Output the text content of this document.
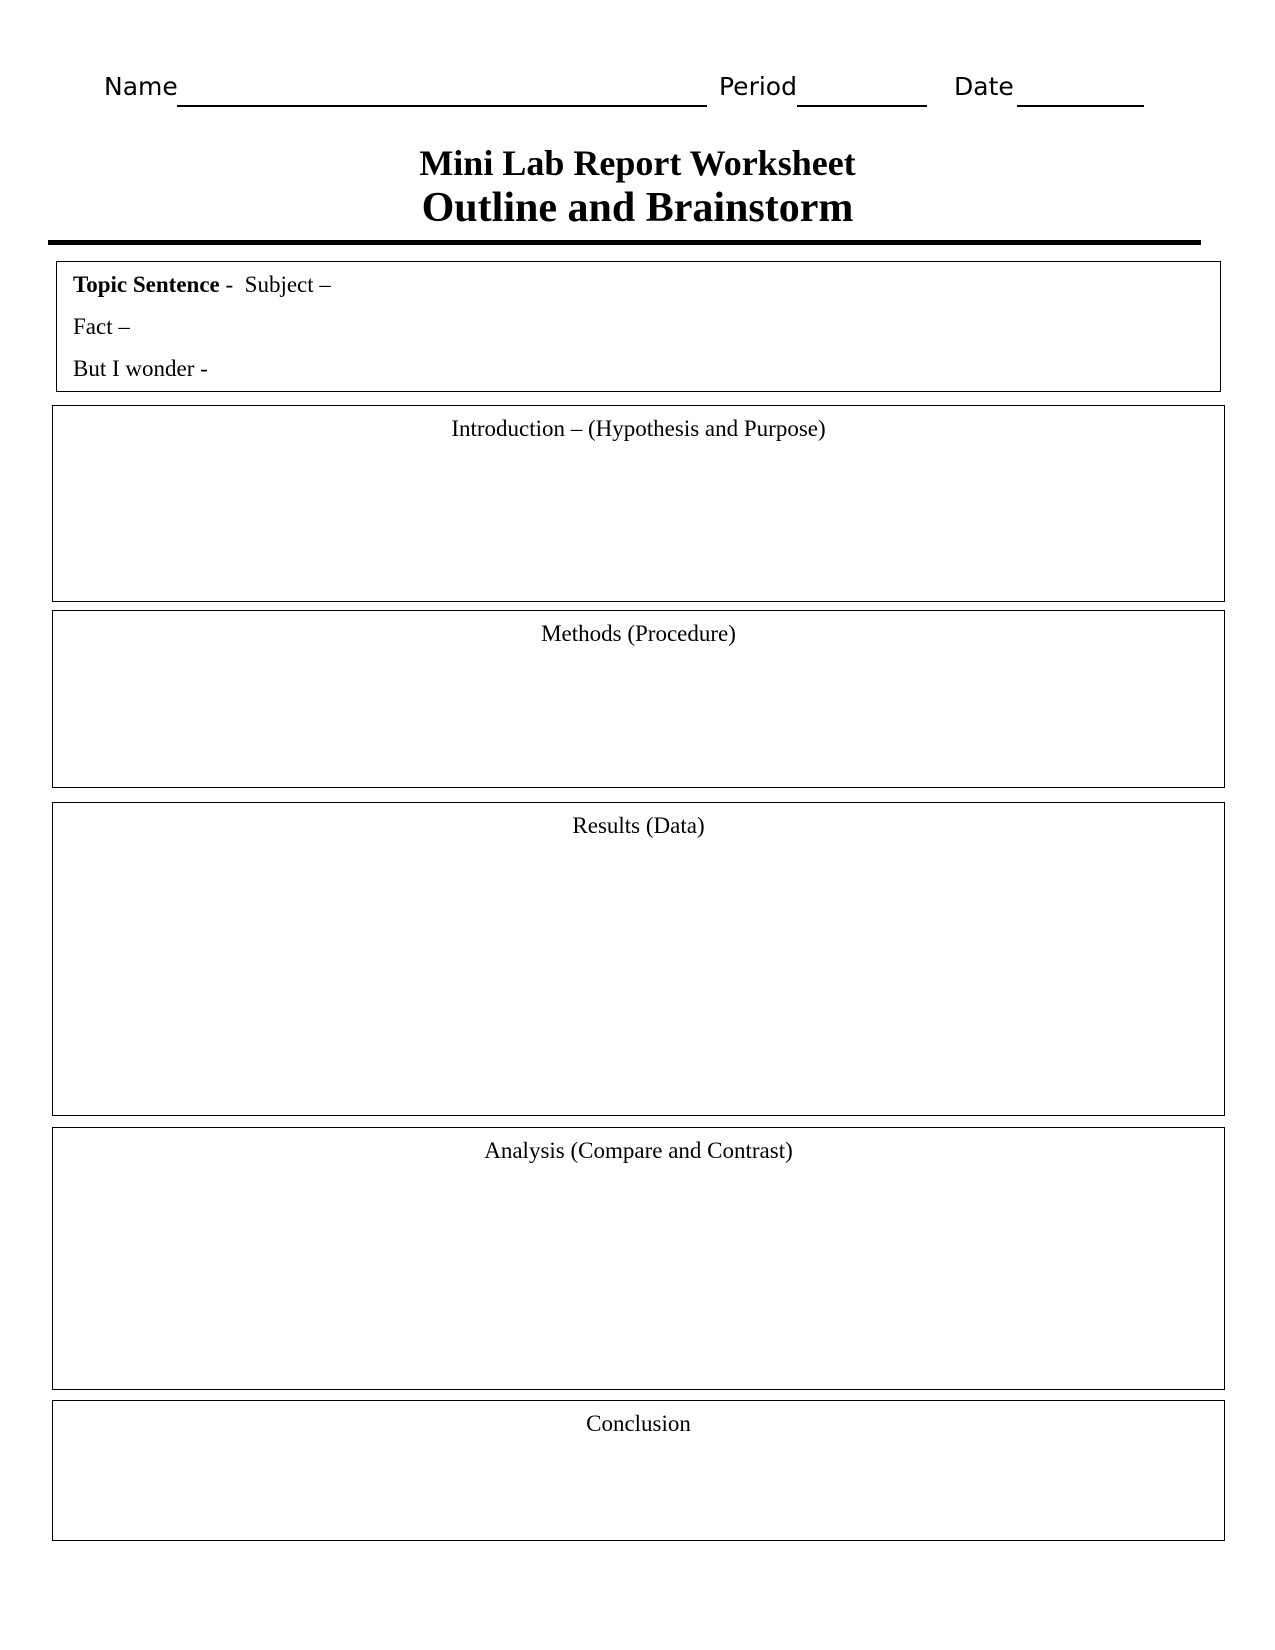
Name	Period	Date
Mini Lab Report Worksheet
Outline and Brainstorm
Topic Sentence -  Subject –
Fact –
But I wonder -
Introduction – (Hypothesis and Purpose)
Methods (Procedure)
Results (Data)
Analysis (Compare and Contrast)
Conclusion
